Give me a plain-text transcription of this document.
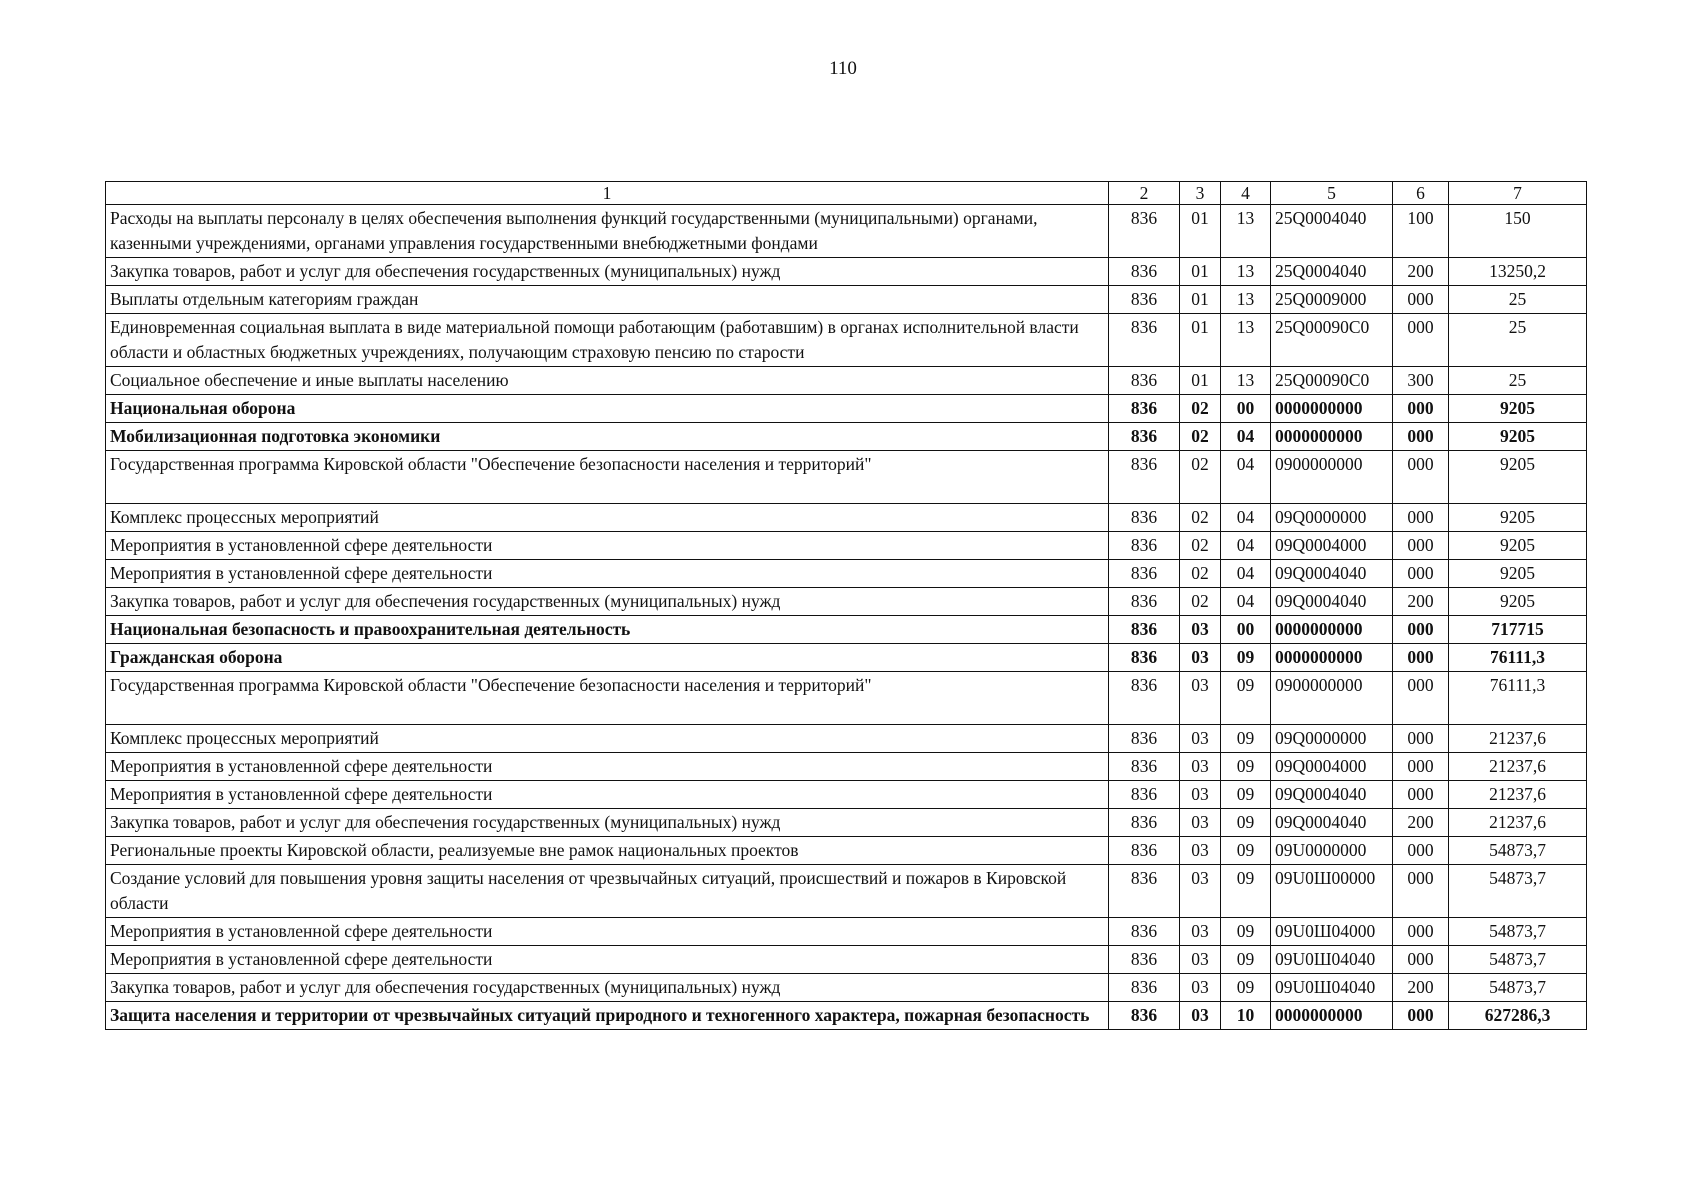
110
1	2	3	4	5	6	7
Расходы на выплаты персоналу в целях обеспечения выполнения функций государственными (муниципальными) органами, казенными учреждениями, органами управления государственными внебюджетными фондами	836	01	13	25Q0004040	100	150
Закупка товаров, работ и услуг для обеспечения государственных (муниципальных) нужд	836	01	13	25Q0004040	200	13250,2
Выплаты отдельным категориям граждан	836	01	13	25Q0009000	000	25
Единовременная социальная выплата в виде материальной помощи работающим (работавшим) в органах исполнительной власти области и областных бюджетных учреждениях, получающим страховую пенсию по старости	836	01	13	25Q00090C0	000	25
Социальное обеспечение и иные выплаты населению	836	01	13	25Q00090C0	300	25
Национальная оборона	836	02	00	0000000000	000	9205
Мобилизационная подготовка экономики	836	02	04	0000000000	000	9205
Государственная программа Кировской области "Обеспечение безопасности населения и территорий"	836	02	04	0900000000	000	9205
Комплекс процессных мероприятий	836	02	04	09Q0000000	000	9205
Мероприятия в установленной сфере деятельности	836	02	04	09Q0004000	000	9205
Мероприятия в установленной сфере деятельности	836	02	04	09Q0004040	000	9205
Закупка товаров, работ и услуг для обеспечения государственных (муниципальных) нужд	836	02	04	09Q0004040	200	9205
Национальная безопасность и правоохранительная деятельность	836	03	00	0000000000	000	717715
Гражданская оборона	836	03	09	0000000000	000	76111,3
Государственная программа Кировской области "Обеспечение безопасности населения и территорий"	836	03	09	0900000000	000	76111,3
Комплекс процессных мероприятий	836	03	09	09Q0000000	000	21237,6
Мероприятия в установленной сфере деятельности	836	03	09	09Q0004000	000	21237,6
Мероприятия в установленной сфере деятельности	836	03	09	09Q0004040	000	21237,6
Закупка товаров, работ и услуг для обеспечения государственных (муниципальных) нужд	836	03	09	09Q0004040	200	21237,6
Региональные проекты Кировской области, реализуемые вне рамок национальных проектов	836	03	09	09U0000000	000	54873,7
Создание условий для повышения уровня защиты населения от чрезвычайных ситуаций, происшествий и пожаров в Кировской области	836	03	09	09U0Ш00000	000	54873,7
Мероприятия в установленной сфере деятельности	836	03	09	09U0Ш04000	000	54873,7
Мероприятия в установленной сфере деятельности	836	03	09	09U0Ш04040	000	54873,7
Закупка товаров, работ и услуг для обеспечения государственных (муниципальных) нужд	836	03	09	09U0Ш04040	200	54873,7
Защита населения и территории от чрезвычайных ситуаций природного и техногенного характера, пожарная безопасность	836	03	10	0000000000	000	627286,3
